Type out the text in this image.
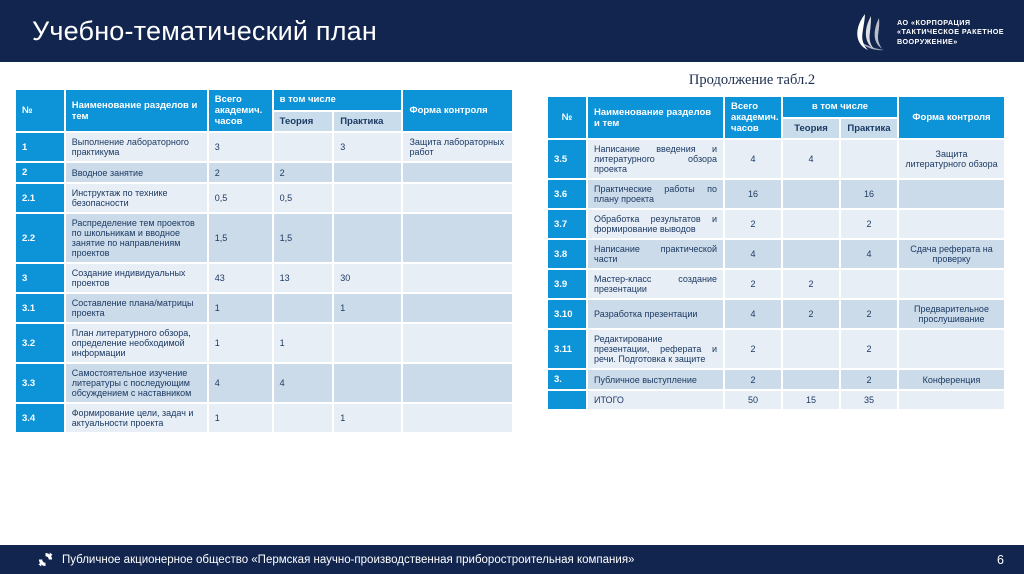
Учебно-тематический план	АО «КОРПОРАЦИЯ
«ТАКТИЧЕСКОЕ РАКЕТНОЕ
ВООРУЖЕНИЕ»
№	Наименование разделов и тем	Всего академич. часов	в том числе		Форма контроля
			Теория	Практика	
1	Выполнение лабораторного практикума	3		3	Защита лабораторных работ
2	Вводное занятие	2	2		
2.1	Инструктаж по технике безопасности	0,5	0,5		
2.2	Распределение тем проектов по школьникам и вводное занятие по направлениям проектов	1,5	1,5		
3	Создание индивидуальных проектов	43	13	30	
3.1	Составление плана/матрицы проекта	1		1	
3.2	План литературного обзора, определение необходимой информации	1	1		
3.3	Самостоятельное изучение литературы с последующим обсуждением с наставником	4	4		
3.4	Формирование цели, задач и актуальности проекта	1		1	
Продолжение табл.2
№	Наименование разделов и тем	Всего академич. часов	в том числе		Форма контроля
			Теория	Практика	
3.5	Написание введения и литературного обзора проекта	4	4		Защита литературного обзора
3.6	Практические работы по плану проекта	16		16	
3.7	Обработка результатов и формирование выводов	2		2	
3.8	Написание практической части	4		4	Сдача реферата на проверку
3.9	Мастер-класс создание презентации	2	2		
3.10	Разработка презентации	4	2	2	Предварительное прослушивание
3.11	Редактирование презентации, реферата и речи. Подготовка к защите	2		2	
3.	Публичное выступление	2		2	Конференция
	ИТОГО	50	15	35	
Публичное акционерное общество «Пермская научно-производственная приборостроительная компания»	6
